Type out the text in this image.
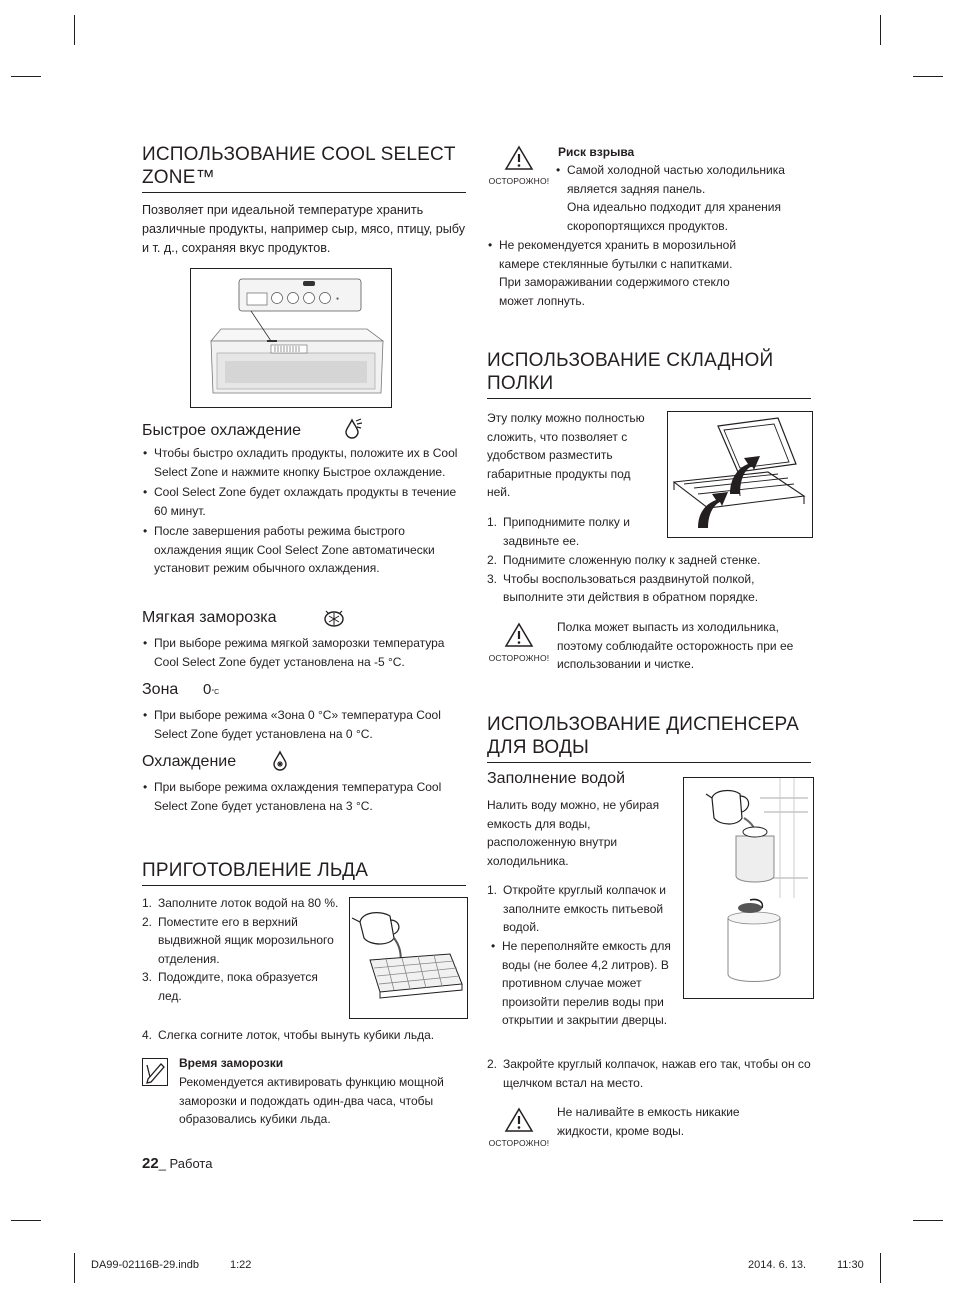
ИСПОЛЬЗОВАНИЕ COOL SELECT ZONE™
Позволяет при идеальной температуре хранить различные продукты, например сыр, мясо, птицу, рыбу и т. д., сохраняя вкус продуктов.
●
Быстрое охлаждение

• Чтобы быстро охладить продукты, положите их в Cool Select Zone и нажмите кнопку Быстрое охлаждение.

• Cool Select Zone будет охлаждать продукты в течение 60 минут.

• После завершения работы режима быстрого охлаждения ящик Cool Select Zone автоматически установит режим обычного охлаждения.

Мягкая заморозка

• При выборе режима мягкой заморозки температура Cool Select Zone будет установлена на -5 °C.

Зона 0°C

• При выборе режима «Зона 0 °C» температура Cool Select Zone будет установлена на 0 °C.

Охлаждение

• При выборе режима охлаждения температура Cool Select Zone будет установлена на 3 °C.

ПРИГОТОВЛЕНИЕ ЛЬДА

1. Заполните лоток водой на 80 %.

2. Поместите его в верхний выдвижной ящик морозильного отделения.

3. Подождите, пока образуется лед.

4. Слегка согните лоток, чтобы вынуть кубики льда.

Время заморозки
Рекомендуется активировать функцию мощной заморозки и подождать один-два часа, чтобы образовались кубики льда.
ОСТОРОЖНО!
Риск взрыва

• Самой холодной частью холодильника
является задняя панель.
Она идеально подходит для хранения
скоропортящихся продуктов.

• Не рекомендуется хранить в морозильной
камере стеклянные бутылки с напитками.
При замораживании содержимого стекло
может лопнуть.

ИСПОЛЬЗОВАНИЕ СКЛАДНОЙ ПОЛКИ
Эту полку можно полностью сложить, что позволяет с удобством разместить габаритные продукты под ней.

1. Приподнимите полку и задвиньте ее.

2. Поднимите сложенную полку к задней стенке.

3. Чтобы воспользоваться раздвинутой полкой, выполните эти действия в обратном порядке.

ОСТОРОЖНО!
Полка может выпасть из холодильника, поэтому соблюдайте осторожность при ее использовании и чистке.
ИСПОЛЬЗОВАНИЕ ДИСПЕНСЕРА ДЛЯ ВОДЫ
Заполнение водой
Налить воду можно, не убирая емкость для воды, расположенную внутри холодильника.

1. Откройте круглый колпачок и заполните емкость питьевой водой.

• Не переполняйте емкость для воды (не более 4,2 литров). В противном случае может произойти перелив воды при открытии и закрытии дверцы.

2. Закройте круглый колпачок, нажав его так, чтобы он со щелчком встал на место.

ОСТОРОЖНО!
Не наливайте в емкость никакие жидкости, кроме воды.
22_ Работа
DA99-02116B-29.indb	1:22	2014. 6. 13.	11:30
